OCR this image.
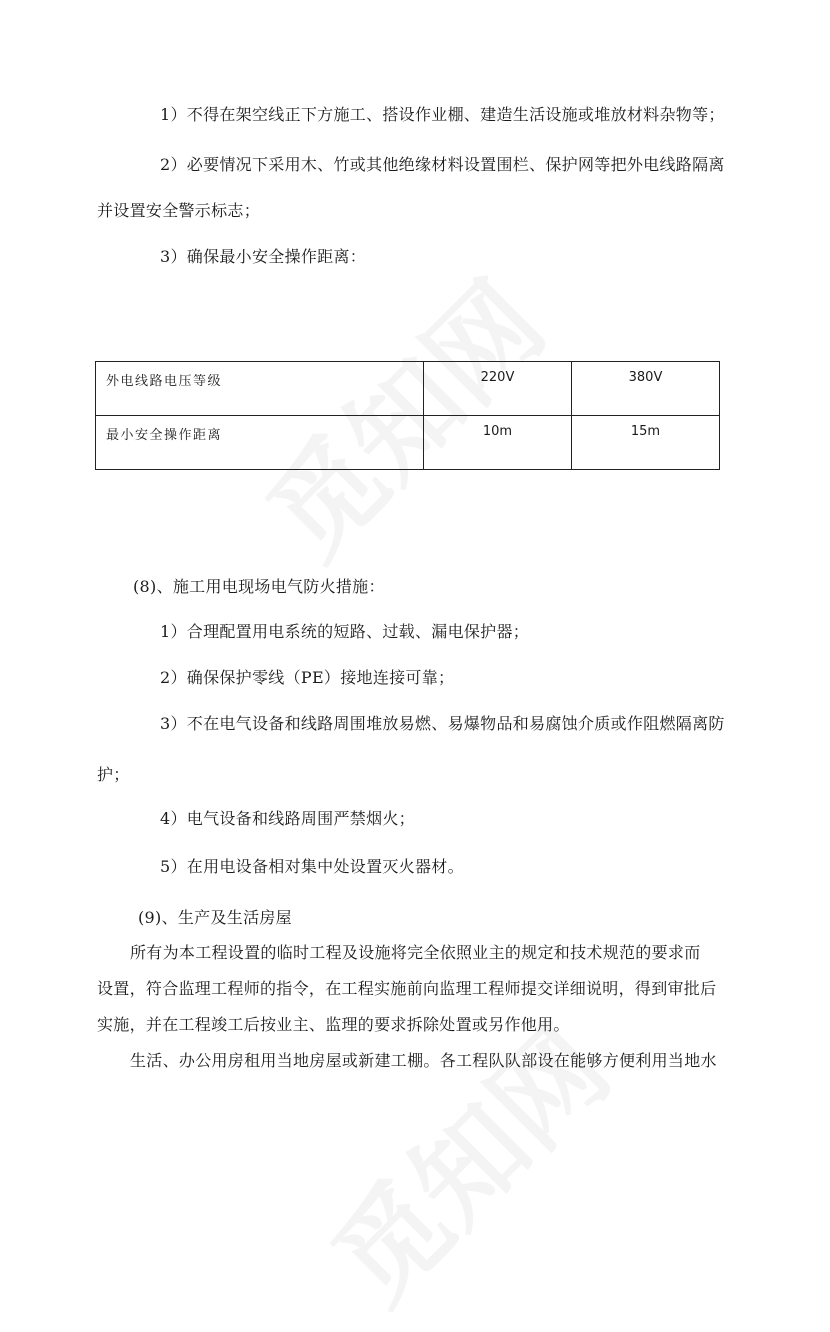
1）不得在架空线正下方施工、搭设作业棚、建造生活设施或堆放材料杂物等；
2）必要情况下采用木、竹或其他绝缘材料设置围栏、保护网等把外电线路隔离
并设置安全警示标志；
3）确保最小安全操作距离：
外电线路电压等级	220V	380V
最小安全操作距离	10m	15m
(8)、施工用电现场电气防火措施：
1）合理配置用电系统的短路、过载、漏电保护器；
2）确保保护零线（PE）接地连接可靠；
3）不在电气设备和线路周围堆放易燃、易爆物品和易腐蚀介质或作阻燃隔离防
护；
4）电气设备和线路周围严禁烟火；
5）在用电设备相对集中处设置灭火器材。
(9)、生产及生活房屋
所有为本工程设置的临时工程及设施将完全依照业主的规定和技术规范的要求而
设置，符合监理工程师的指令，在工程实施前向监理工程师提交详细说明，得到审批后
实施，并在工程竣工后按业主、监理的要求拆除处置或另作他用。
生活、办公用房租用当地房屋或新建工棚。各工程队队部设在能够方便利用当地水
